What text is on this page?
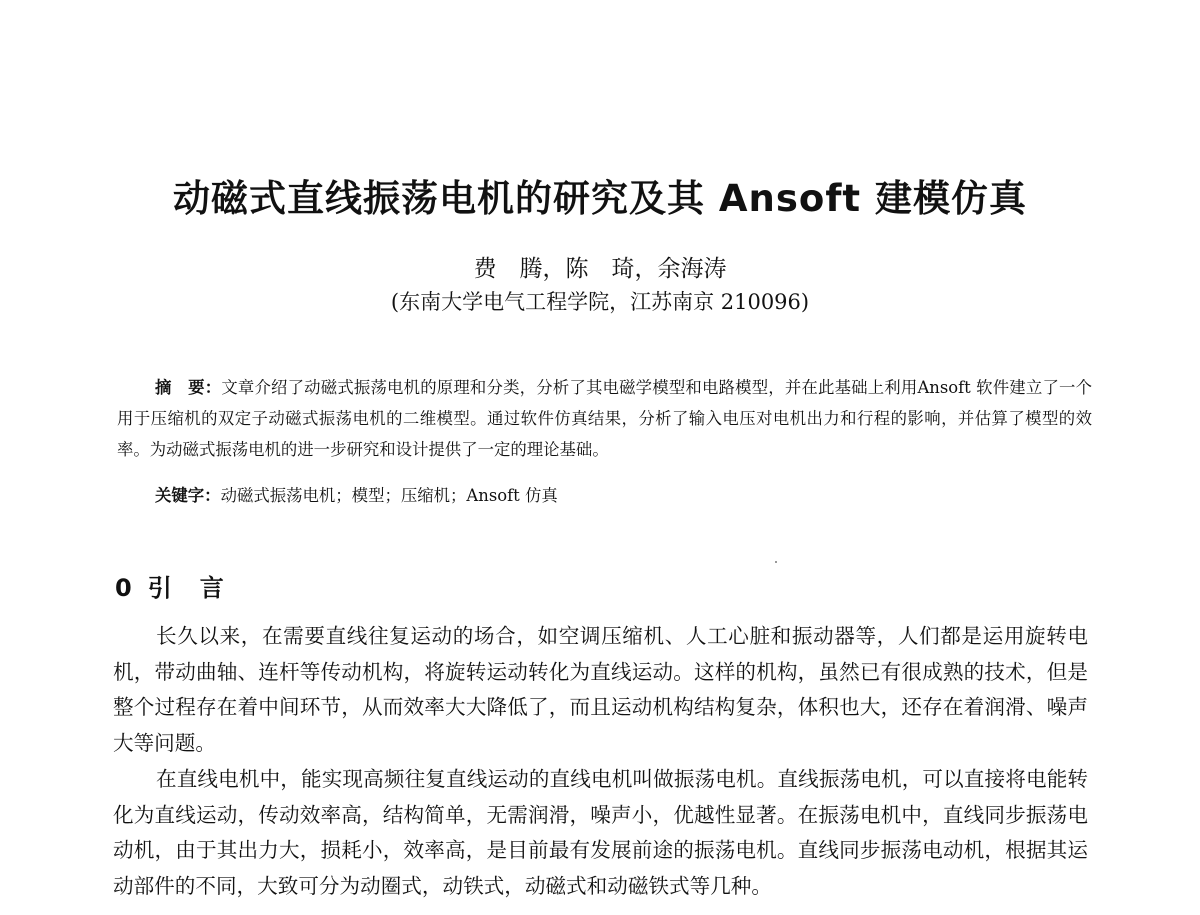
动磁式直线振荡电机的研究及其 Ansoft 建模仿真
费　腾，陈　琦，余海涛
(东南大学电气工程学院，江苏南京 210096)

摘　要：文章介绍了动磁式振荡电机的原理和分类，分析了其电磁学模型和电路模型，并在此基础上利用Ansoft 软件建立了一个用于压缩机的双定子动磁式振荡电机的二维模型。通过软件仿真结果，分析了输入电压对电机出力和行程的影响，并估算了模型的效率。为动磁式振荡电机的进一步研究和设计提供了一定的理论基础。

关键字：动磁式振荡电机；模型；压缩机；Ansoft 仿真

0 引　言

长久以来，在需要直线往复运动的场合，如空调压缩机、人工心脏和振动器等，人们都是运用旋转电机，带动曲轴、连杆等传动机构，将旋转运动转化为直线运动。这样的机构，虽然已有很成熟的技术，但是整个过程存在着中间环节，从而效率大大降低了，而且运动机构结构复杂，体积也大，还存在着润滑、噪声大等问题。

在直线电机中，能实现高频往复直线运动的直线电机叫做振荡电机。直线振荡电机，可以直接将电能转化为直线运动，传动效率高，结构简单，无需润滑，噪声小，优越性显著。在振荡电机中，直线同步振荡电动机，由于其出力大，损耗小，效率高，是目前最有发展前途的振荡电机。直线同步振荡电动机，根据其运动部件的不同，大致可分为动圈式，动铁式，动磁式和动磁铁式等几种。
